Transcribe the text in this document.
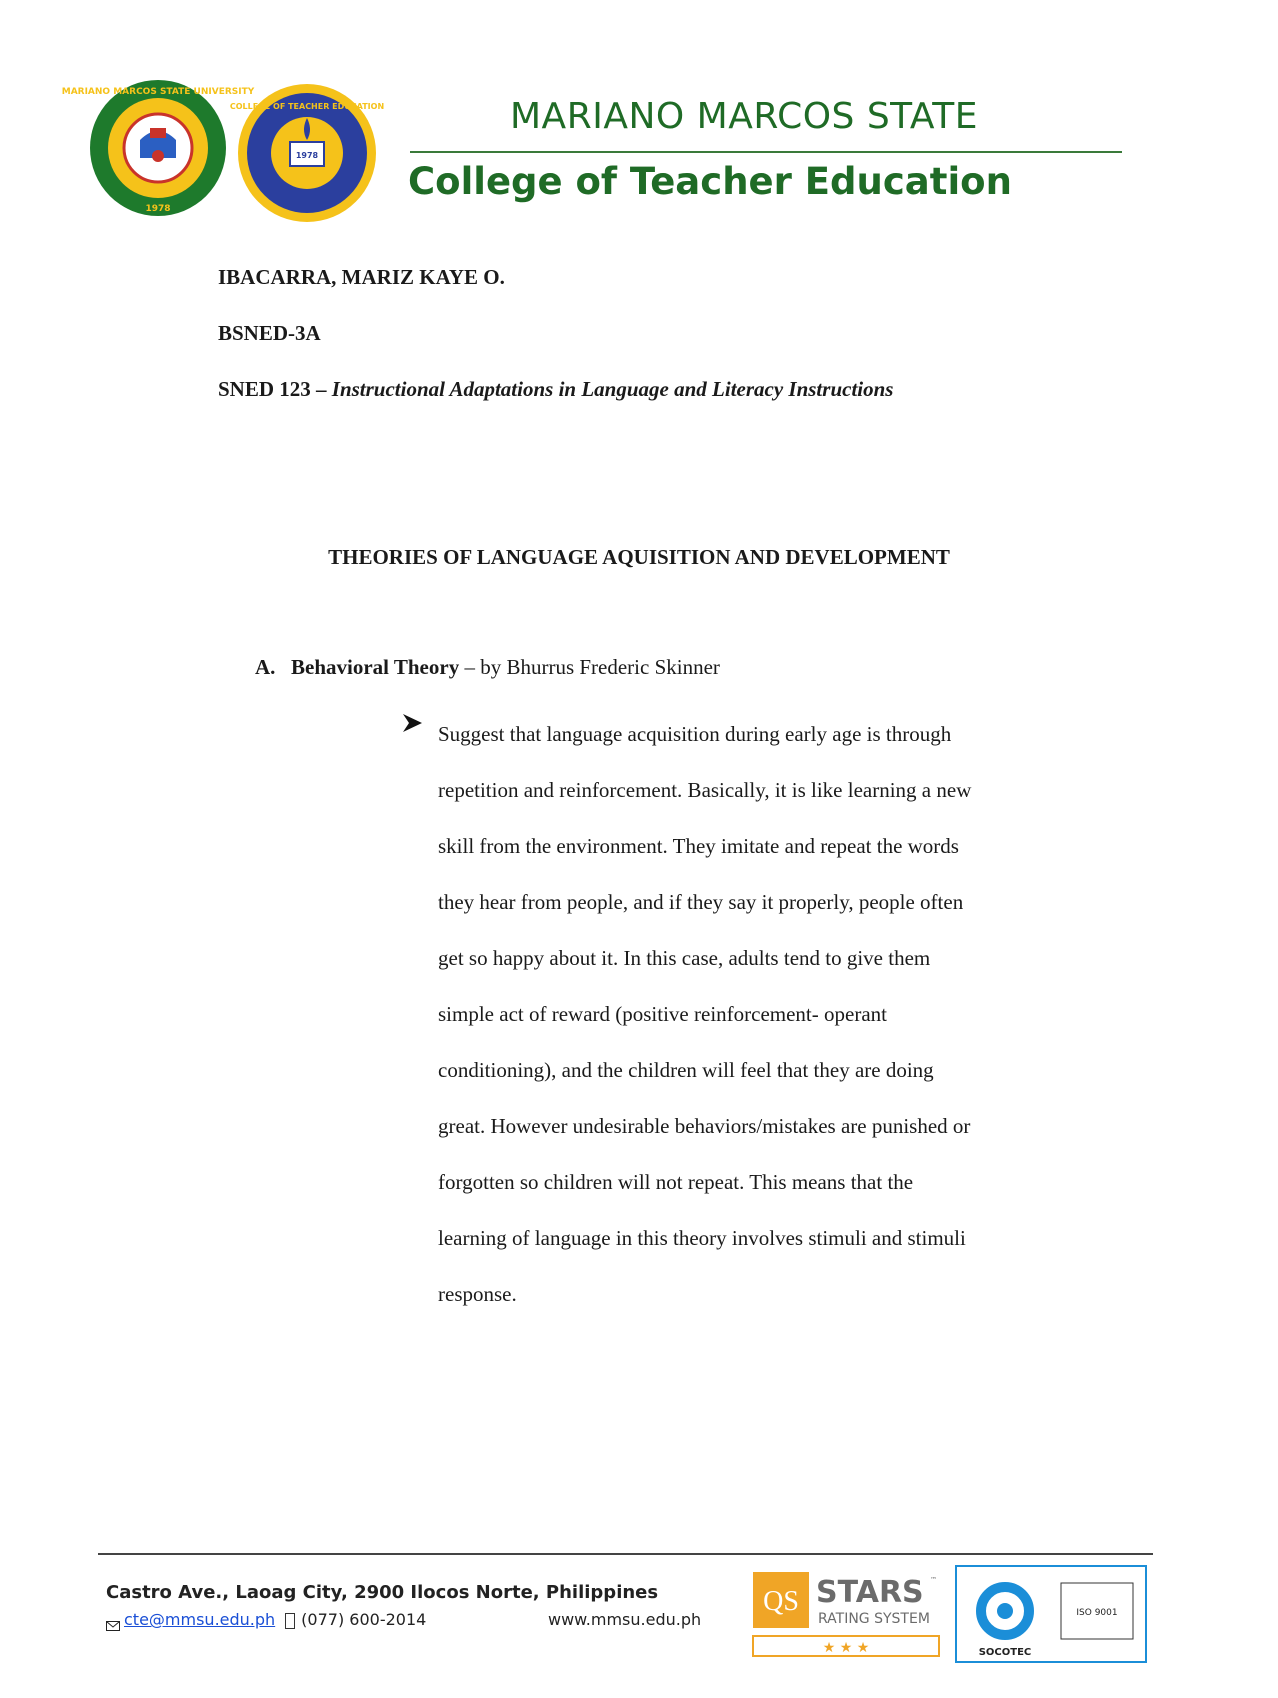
MARIANO MARCOS STATE UNIVERSITY
1978
COLLEGE OF TEACHER EDUCATION
1978
MARIANO MARCOS STATE
College of Teacher Education
IBACARRA, MARIZ KAYE O.
BSNED-3A
SNED 123 – Instructional Adaptations in Language and Literacy Instructions
THEORIES OF LANGUAGE AQUISITION AND DEVELOPMENT
A. Behavioral Theory – by Bhurrus Frederic Skinner
Suggest that language acquisition during early age is through
repetition and reinforcement. Basically, it is like learning a new
skill from the environment. They imitate and repeat the words
they hear from people, and if they say it properly, people often
get so happy about it. In this case, adults tend to give them
simple act of reward (positive reinforcement- operant
conditioning), and the children will feel that they are doing
great. However undesirable behaviors/mistakes are punished or
forgotten so children will not repeat. This means that the
learning of language in this theory involves stimuli and stimuli
response.
Castro Ave., Laoag City, 2900 Ilocos Norte, Philippines
cte@mmsu.edu.ph (077) 600-2014	www.mmsu.edu.ph
QS STARS ™
RATING SYSTEM
★ ★ ★
ISO 9001
SOCOTEC
